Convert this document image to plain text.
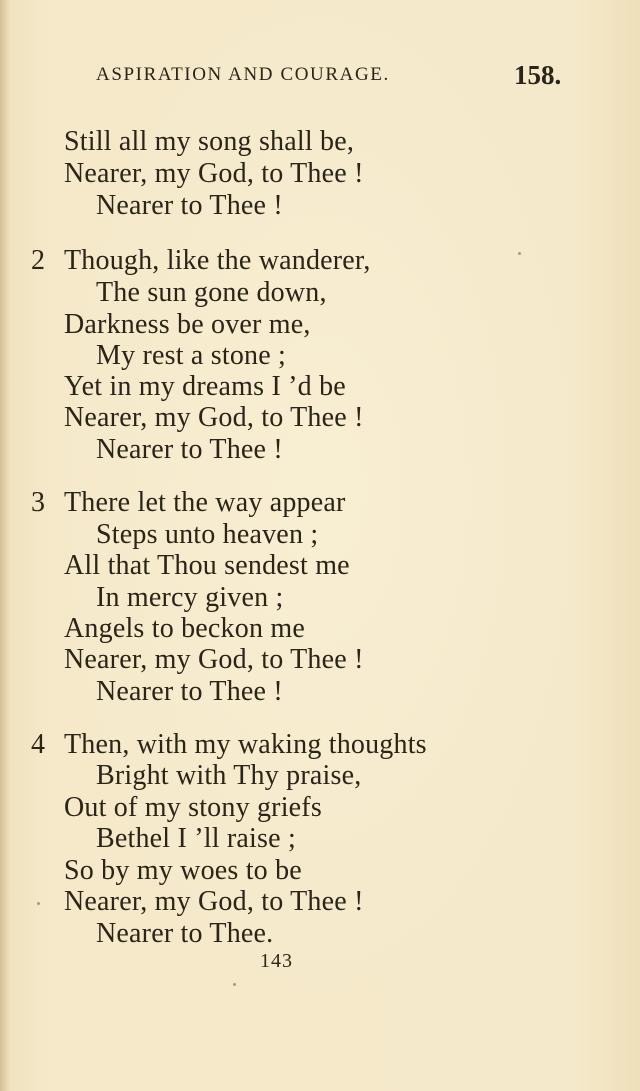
ASPIRATION AND COURAGE.	158.
Still all my song shall be,
Nearer, my God, to Thee !
Nearer to Thee !
2 Though, like the wanderer,
The sun gone down,
Darkness be over me,
My rest a stone ;
Yet in my dreams I ’d be
Nearer, my God, to Thee !
Nearer to Thee !
3 There let the way appear
Steps unto heaven ;
All that Thou sendest me
In mercy given ;
Angels to beckon me
Nearer, my God, to Thee !
Nearer to Thee !
4 Then, with my waking thoughts
Bright with Thy praise,
Out of my stony griefs
Bethel I ’ll raise ;
So by my woes to be
Nearer, my God, to Thee !
Nearer to Thee.
143
